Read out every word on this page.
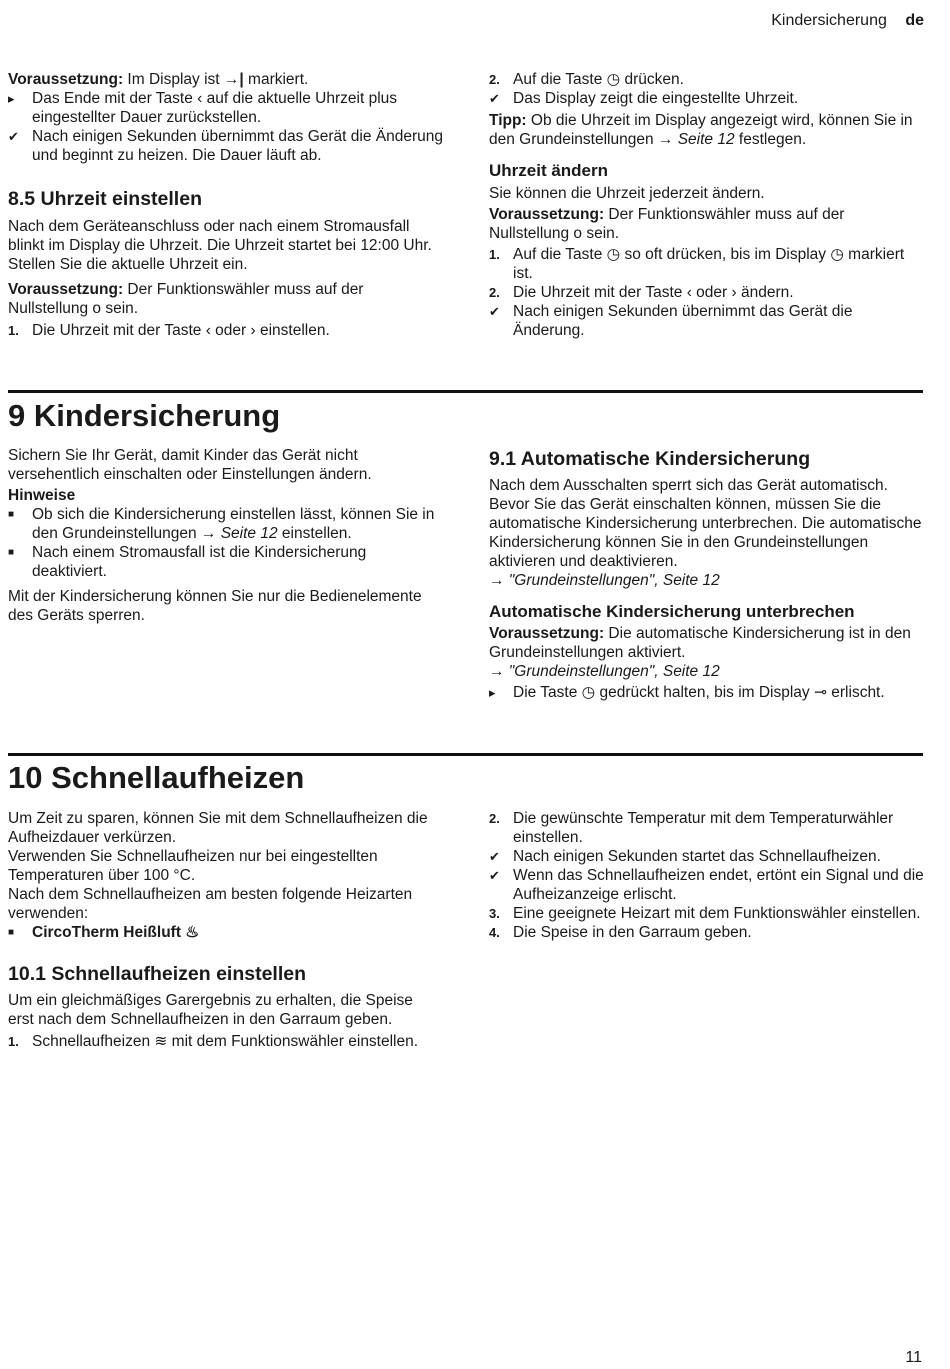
Kindersicherung de

Voraussetzung: Im Display ist →| markiert.

▸	Das Ende mit der Taste ‹ auf die aktuelle Uhrzeit plus eingestellter Dauer zurückstellen.
✔ Nach einigen Sekunden übernimmt das Gerät die Änderung und beginnt zu heizen. Die Dauer läuft ab.

8.5 Uhrzeit einstellen

Nach dem Geräteanschluss oder nach einem Stromausfall blinkt im Display die Uhrzeit. Die Uhrzeit startet bei 12:00 Uhr. Stellen Sie die aktuelle Uhrzeit ein.

Voraussetzung: Der Funktionswähler muss auf der Nullstellung o sein.

1. Die Uhrzeit mit der Taste ‹ oder › einstellen.
2. Auf die Taste ◷ drücken.
✔ Das Display zeigt die eingestellte Uhrzeit.

Tipp: Ob die Uhrzeit im Display angezeigt wird, können Sie in den Grundeinstellungen → Seite 12 festlegen.

Uhrzeit ändern

Sie können die Uhrzeit jederzeit ändern.

Voraussetzung: Der Funktionswähler muss auf der Nullstellung o sein.

1. Auf die Taste ◷ so oft drücken, bis im Display ◷ markiert ist.
2. Die Uhrzeit mit der Taste ‹ oder › ändern.
✔ Nach einigen Sekunden übernimmt das Gerät die Änderung.

9 Kindersicherung

Sichern Sie Ihr Gerät, damit Kinder das Gerät nicht versehentlich einschalten oder Einstellungen ändern.

Hinweise

■	Ob sich die Kindersicherung einstellen lässt, können Sie in den Grundeinstellungen → Seite 12 einstellen.
■	Nach einem Stromausfall ist die Kindersicherung deaktiviert.

Mit der Kindersicherung können Sie nur die Bedienelemente des Geräts sperren.

9.1 Automatische Kindersicherung

Nach dem Ausschalten sperrt sich das Gerät automatisch. Bevor Sie das Gerät einschalten können, müssen Sie die automatische Kindersicherung unterbrechen. Die automatische Kindersicherung können Sie in den Grundeinstellungen aktivieren und deaktivieren.

→ "Grundeinstellungen", Seite 12

Automatische Kindersicherung unterbrechen

Voraussetzung: Die automatische Kindersicherung ist in den Grundeinstellungen aktiviert.

→ "Grundeinstellungen", Seite 12

▸	Die Taste ◷ gedrückt halten, bis im Display ⊸ erlischt.

10 Schnellaufheizen

Um Zeit zu sparen, können Sie mit dem Schnellaufheizen die Aufheizdauer verkürzen.

Verwenden Sie Schnellaufheizen nur bei eingestellten Temperaturen über 100 °C.

Nach dem Schnellaufheizen am besten folgende Heizarten verwenden:

■	CircoTherm Heißluft ♨

10.1 Schnellaufheizen einstellen

Um ein gleichmäßiges Garergebnis zu erhalten, die Speise erst nach dem Schnellaufheizen in den Garraum geben.

1. Schnellaufheizen ≋ mit dem Funktionswähler einstellen.
2. Die gewünschte Temperatur mit dem Temperaturwähler einstellen.
✔ Nach einigen Sekunden startet das Schnellaufheizen.
✔ Wenn das Schnellaufheizen endet, ertönt ein Signal und die Aufheizanzeige erlischt.
3. Eine geeignete Heizart mit dem Funktionswähler einstellen.
4. Die Speise in den Garraum geben.
11
